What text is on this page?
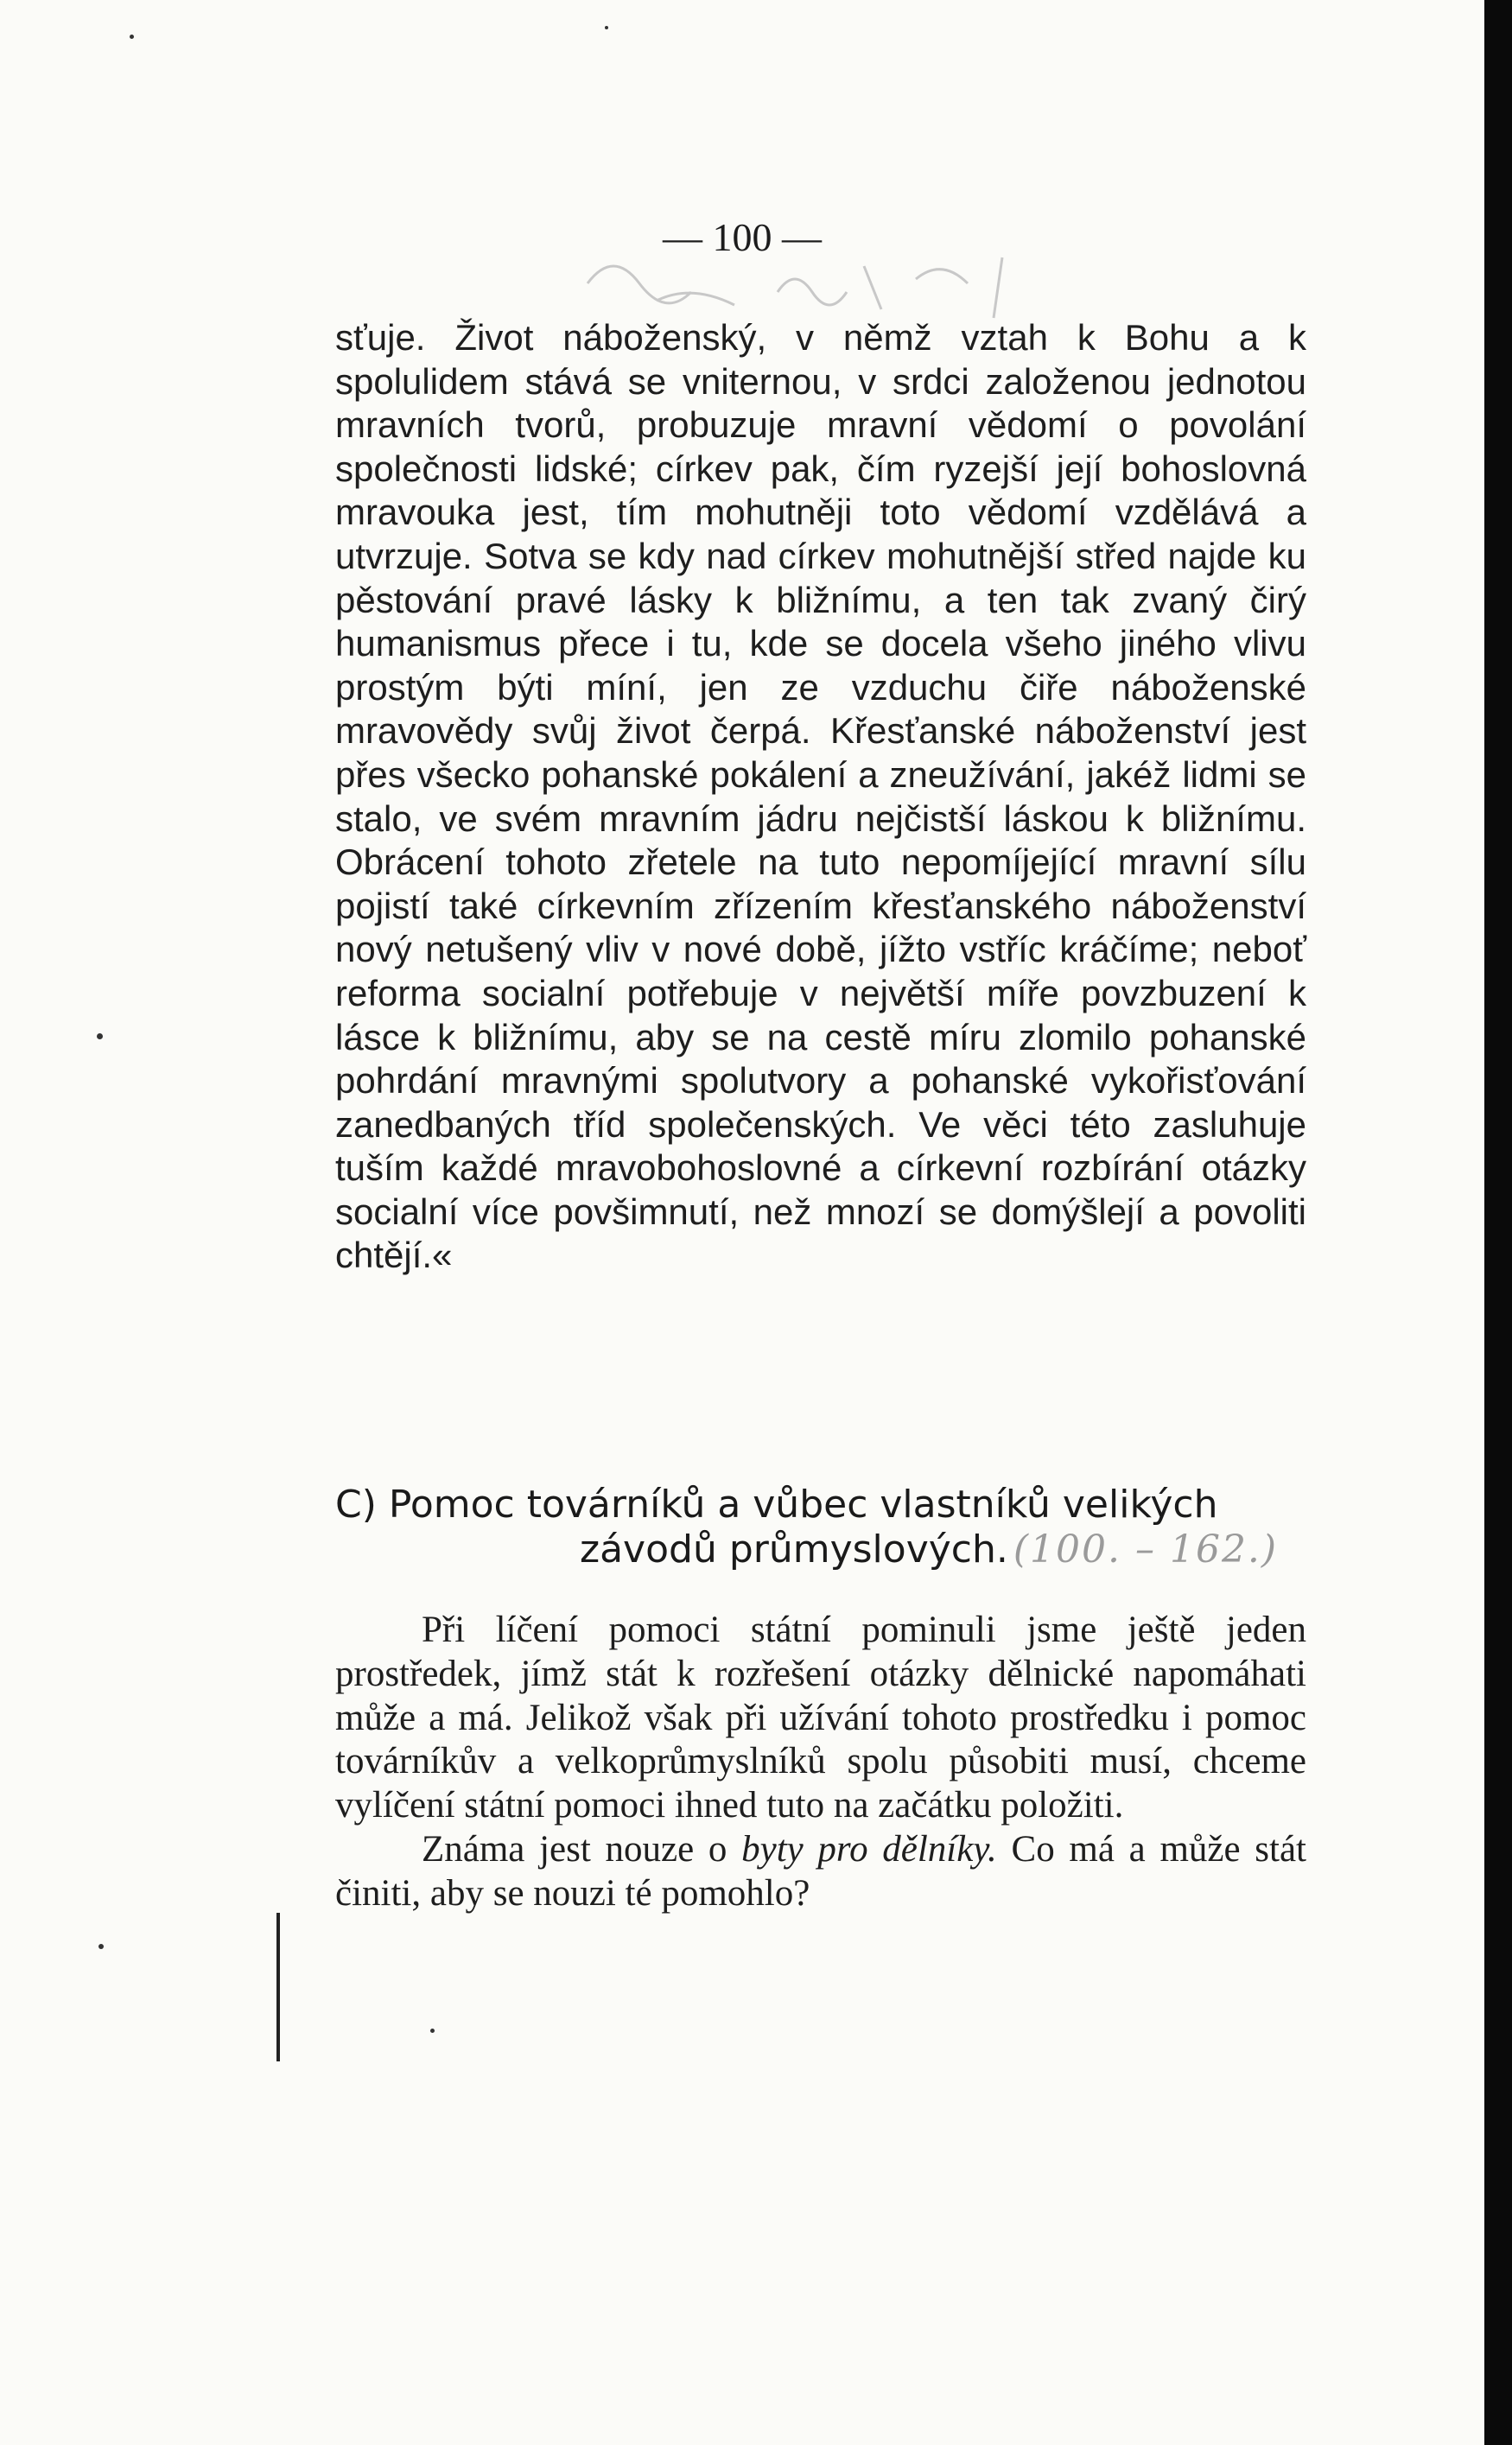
— 100 —

sťuje. Život náboženský, v němž vztah k Bohu a k spolulidem stává se vniternou, v srdci založenou jednotou mravních tvorů, probuzuje mravní vědomí o povolání společnosti lidské; církev pak, čím ryzejší její bohoslovná mravouka jest, tím mohutněji toto vědomí vzdělává a utvrzuje. Sotva se kdy nad církev mohutnější střed najde ku pěstování pravé lásky k bližnímu, a ten tak zvaný čirý humanismus přece i tu, kde se docela všeho jiného vlivu prostým býti míní, jen ze vzduchu čiře náboženské mravovědy svůj život čerpá. Křesťanské náboženství jest přes všecko pohanské pokálení a zneužívání, jakéž lidmi se stalo, ve svém mravním jádru nejčistší láskou k bližnímu. Obrácení tohoto zřetele na tuto nepomíjející mravní sílu pojistí také církevním zřízením křesťanského náboženství nový netušený vliv v nové době, jížto vstříc kráčíme; neboť reforma socialní potřebuje v největší míře povzbuzení k lásce k bližnímu, aby se na cestě míru zlomilo pohanské pohrdání mravnými spolutvory a pohanské vykořisťování zanedbaných tříd společenských. Ve věci této zasluhuje tuším každé mravobohoslovné a církevní rozbírání otázky socialní více povšimnutí, než mnozí se domýšlejí a povoliti chtějí.«

C) Pomoc továrníků a vůbec vlastníků velikých
závodů průmyslových. (100. – 162.)

Při líčení pomoci státní pominuli jsme ještě jeden prostředek, jímž stát k rozřešení otázky dělnické napomáhati může a má. Jelikož však při užívání tohoto prostředku i pomoc továrníkův a velkoprůmyslníků spolu působiti musí, chceme vylíčení státní pomoci ihned tuto na začátku položiti.

Známa jest nouze o byty pro dělníky. Co má a může stát činiti, aby se nouzi té pomohlo?
